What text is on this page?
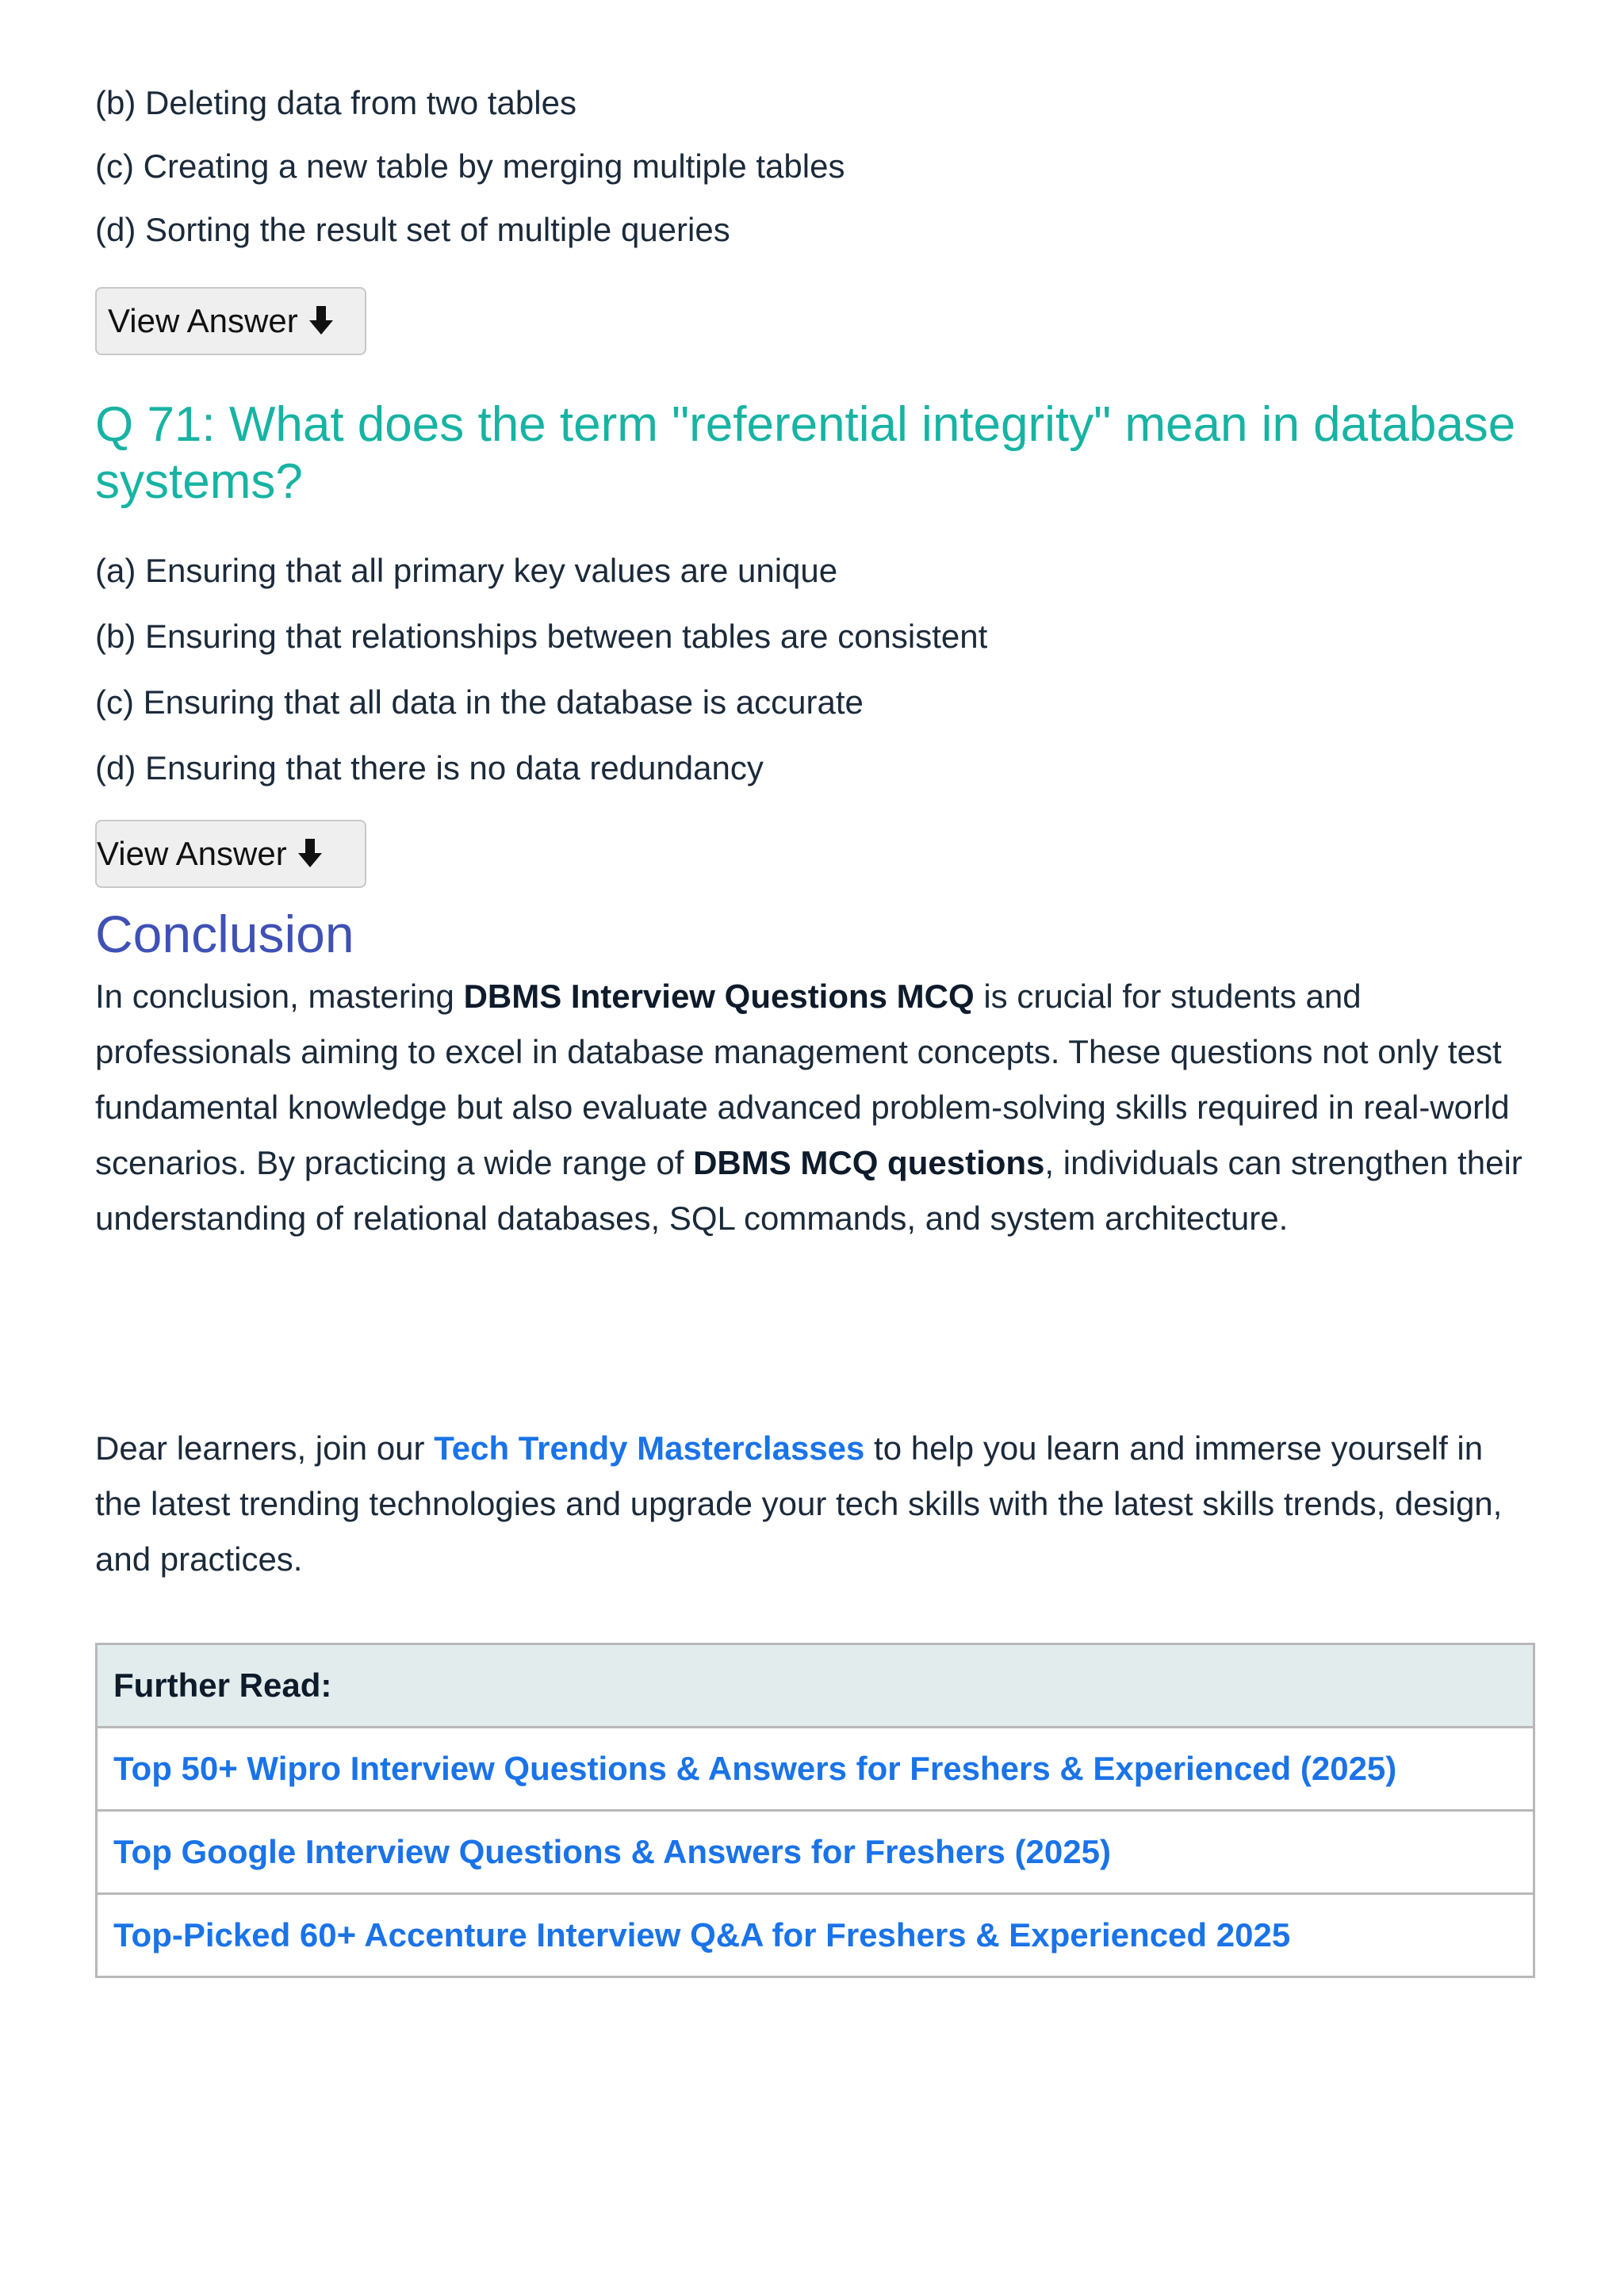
(b) Deleting data from two tables
(c) Creating a new table by merging multiple tables
(d) Sorting the result set of multiple queries
View Answer
Q 71: What does the term "referential integrity" mean in database systems?
(a) Ensuring that all primary key values are unique
(b) Ensuring that relationships between tables are consistent
(c) Ensuring that all data in the database is accurate
(d) Ensuring that there is no data redundancy
View Answer
Conclusion

In conclusion, mastering DBMS Interview Questions MCQ is crucial for students and professionals aiming to excel in database management concepts. These questions not only test fundamental knowledge but also evaluate advanced problem-solving skills required in real-world scenarios. By practicing a wide range of DBMS MCQ questions, individuals can strengthen their understanding of relational databases, SQL commands, and system architecture.

Dear learners, join our Tech Trendy Masterclasses to help you learn and immerse yourself in the latest trending technologies and upgrade your tech skills with the latest skills trends, design, and practices.

Further Read:
Top 50+ Wipro Interview Questions & Answers for Freshers & Experienced (2025)
Top Google Interview Questions & Answers for Freshers (2025)
Top-Picked 60+ Accenture Interview Q&A for Freshers & Experienced 2025
